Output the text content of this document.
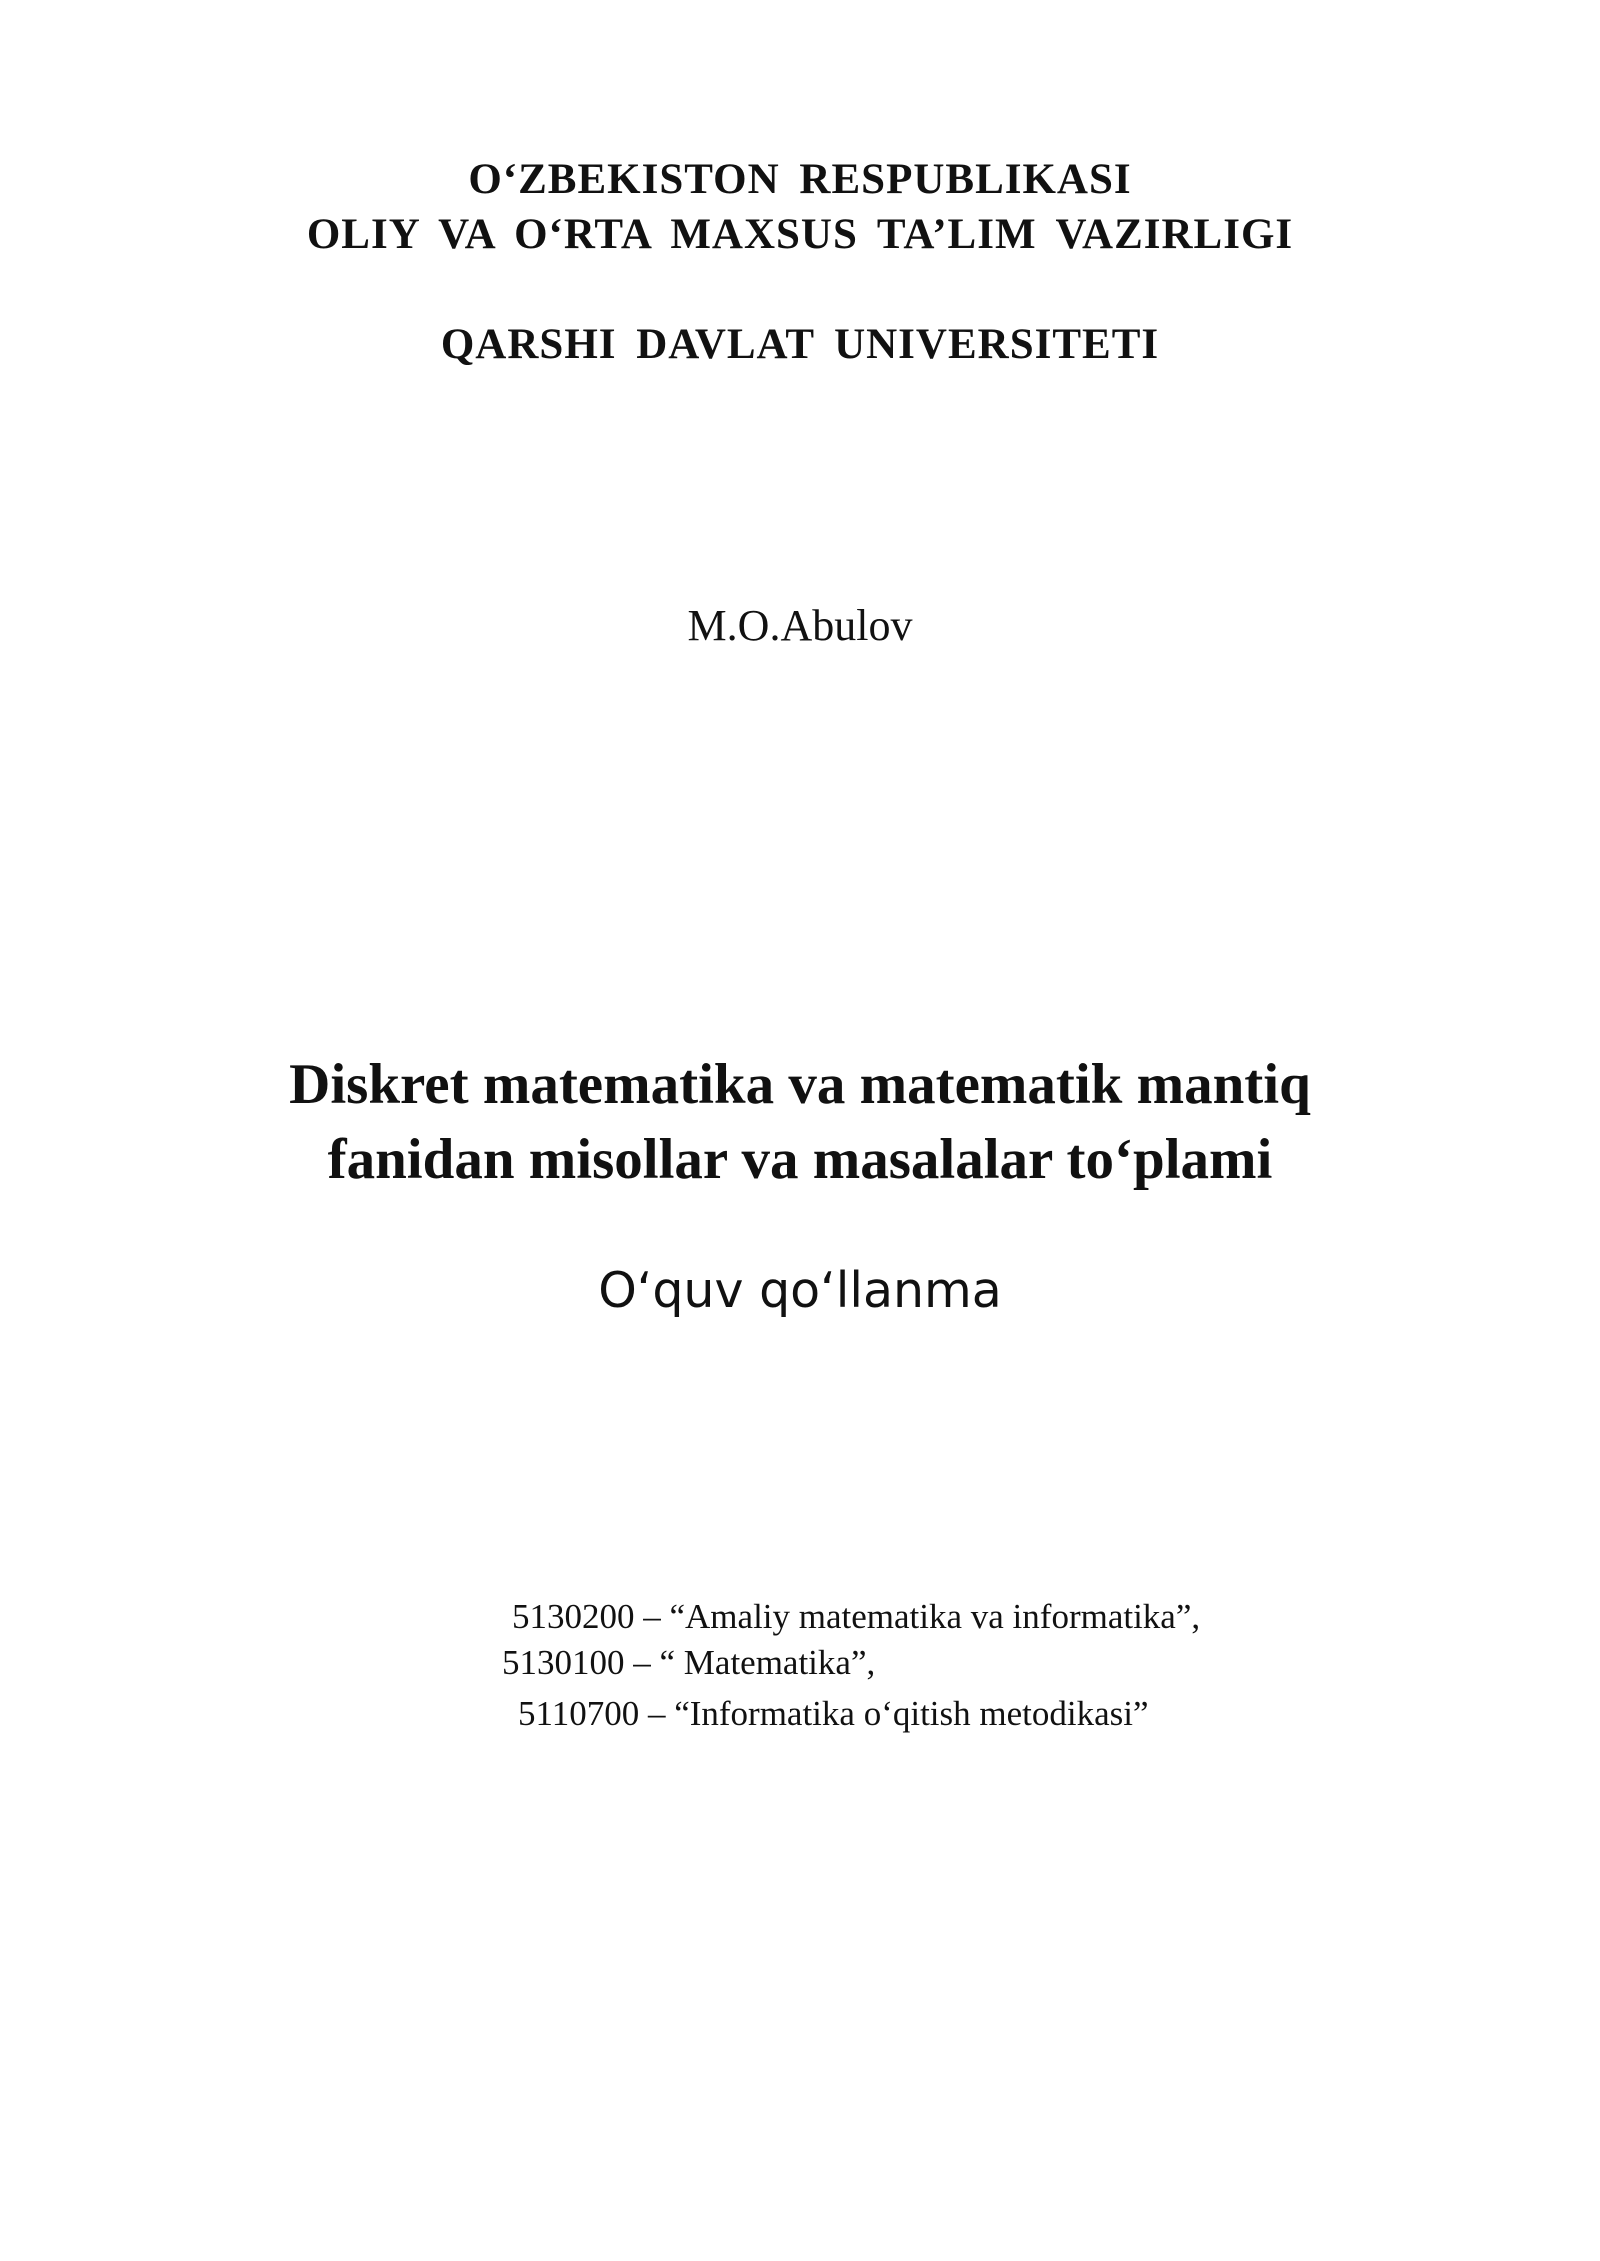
O‘ZBEKISTON RESPUBLIKASI

OLIY VA O‘RTA MAXSUS TA’LIM VAZIRLIGI

QARSHI DAVLAT UNIVERSITETI

M.O.Abulov

Diskret matematika va matematik mantiq

fanidan misollar va masalalar to‘plami

O‘quv qo‘llanma

5130200 – “Amaliy matematika va informatika”,

5130100 – “ Matematika”,

5110700 – “Informatika o‘qitish metodikasi”
